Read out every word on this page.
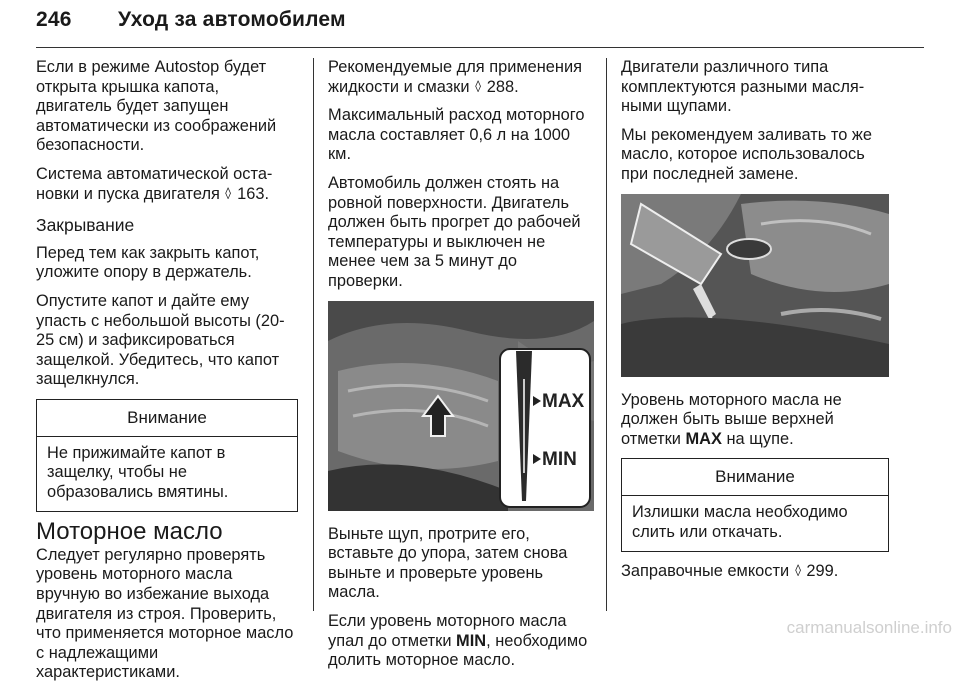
246 Уход за автомобилем

Если в режиме Autostop будет открыта крышка капота, двигатель будет запущен автоматически из соображений безопасности.

Система автоматической оста-новки и пуска двигателя ◊ 163.

Закрывание

Перед тем как закрыть капот, уложите опору в держатель.

Опустите капот и дайте ему упасть с небольшой высоты (20-25 см) и зафиксироваться защелкой. Убедитесь, что капот защелкнулся.

Внимание
Не прижимайте капот в защелку, чтобы не образовались вмятины.
Моторное масло

Следует регулярно проверять уровень моторного масла вручную во избежание выхода двигателя из строя. Проверить, что применяется моторное масло с надлежащими характеристиками.

Рекомендуемые для применения жидкости и смазки ◊ 288.

Максимальный расход моторного масла составляет 0,6 л на 1000 км.

Автомобиль должен стоять на ровной поверхности. Двигатель должен быть прогрет до рабочей температуры и выключен не менее чем за 5 минут до проверки.

MAX
MIN

Выньте щуп, протрите его, вставьте до упора, затем снова выньте и проверьте уровень масла.

Если уровень моторного масла упал до отметки MIN, необходимо долить моторное масло.

Двигатели различного типа комплектуются разными масля-ными щупами.

Мы рекомендуем заливать то же масло, которое использовалось при последней замене.

Уровень моторного масла не должен быть выше верхней отметки MAX на щупе.

Внимание
Излишки масла необходимо слить или откачать.

Заправочные емкости ◊ 299.

carmanualsonline.info
